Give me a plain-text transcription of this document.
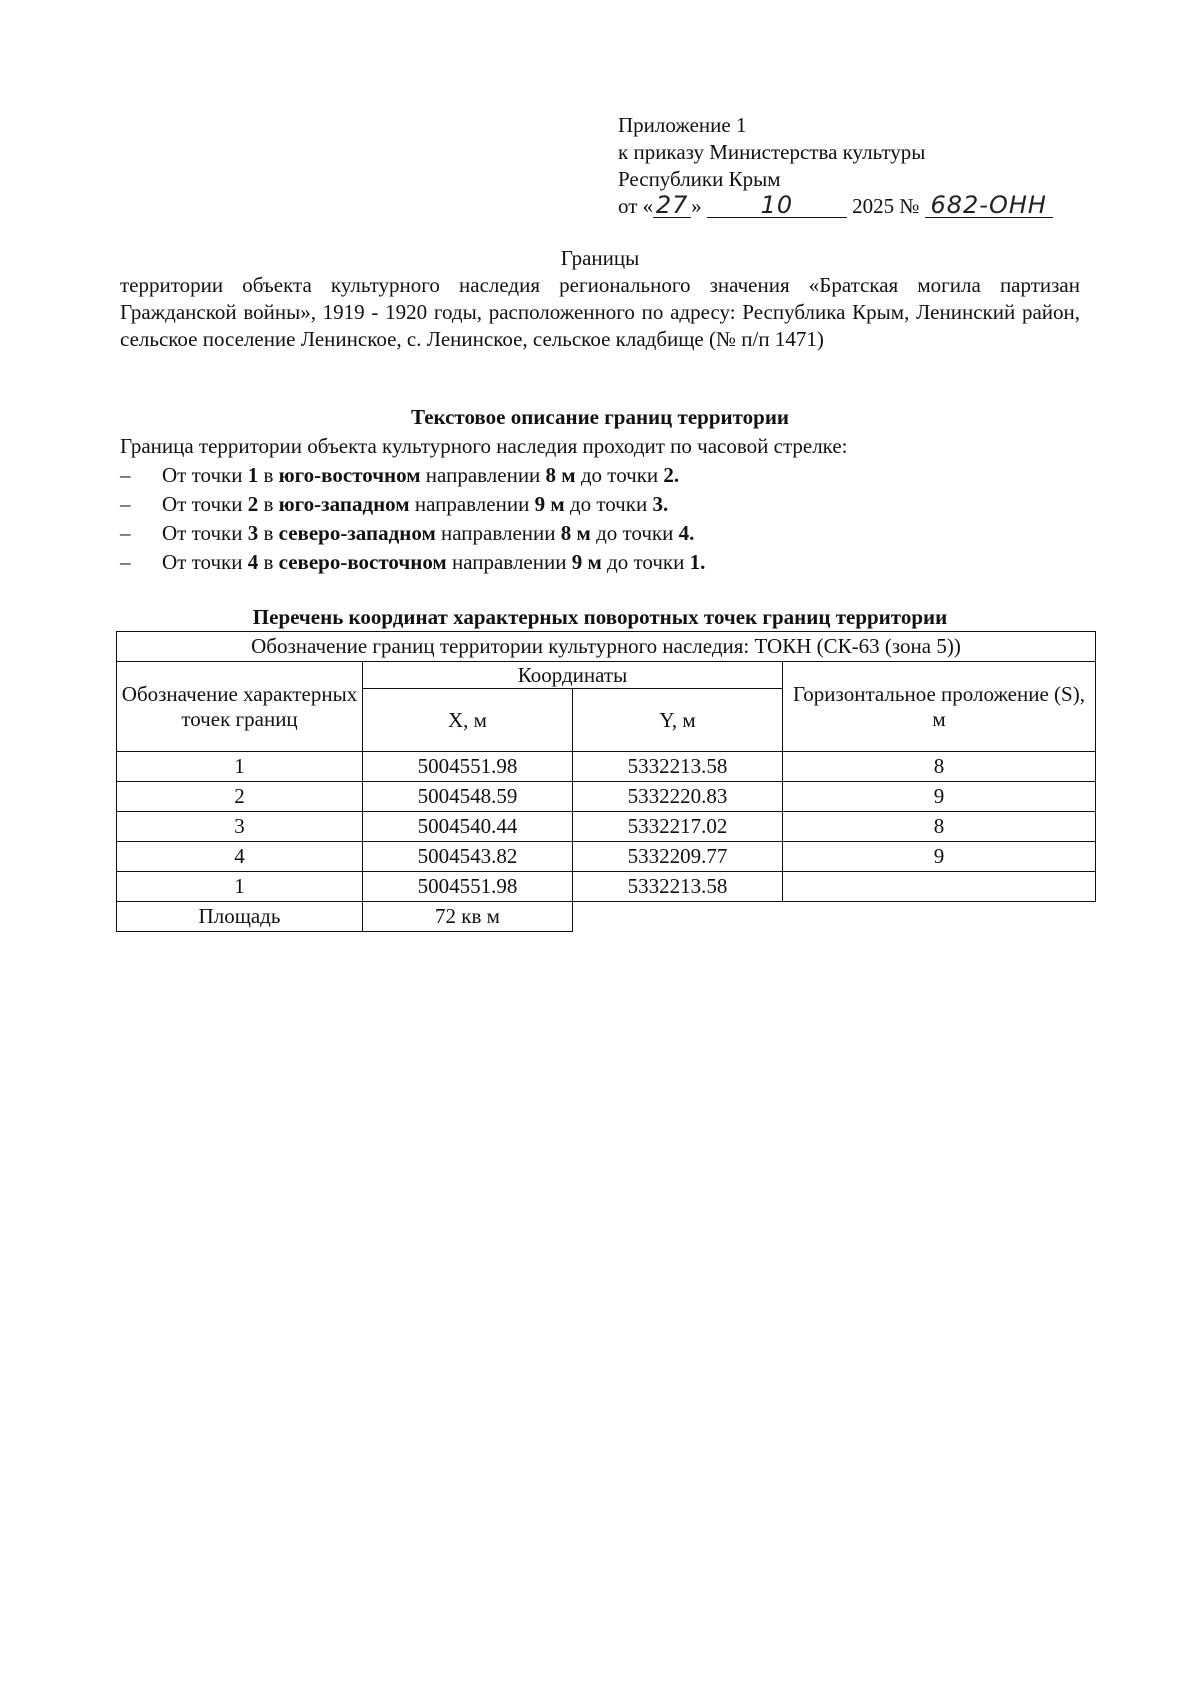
Приложение 1
к приказу Министерства культуры
Республики Крым
от « 27 » 10	2025 № 682-ОНН
Границы
территории объекта культурного наследия регионального значения «Братская могила партизан Гражданской войны», 1919 - 1920 годы, расположенного по адресу: Республика Крым, Ленинский район, сельское поселение Ленинское, с. Ленинское, сельское кладбище (№ п/п 1471)
Текстовое описание границ территории
Граница территории объекта культурного наследия проходит по часовой стрелке:
– От точки 1 в юго-восточном направлении 8 м до точки 2.
– От точки 2 в юго-западном направлении 9 м до точки 3.
– От точки 3 в северо-западном направлении 8 м до точки 4.
– От точки 4 в северо-восточном направлении 9 м до точки 1.
Перечень координат характерных поворотных точек границ территории
Обозначение границ территории культурного наследия: ТОКН (СК-63 (зона 5))			
Обозначение характерных точек границ	Координаты		Горизонтальное проложение (S), м
	X, м	Y, м	
1	5004551.98	5332213.58	8
2	5004548.59	5332220.83	9
3	5004540.44	5332217.02	8
4	5004543.82	5332209.77	9
1	5004551.98	5332213.58	
Площадь	72 кв м		
